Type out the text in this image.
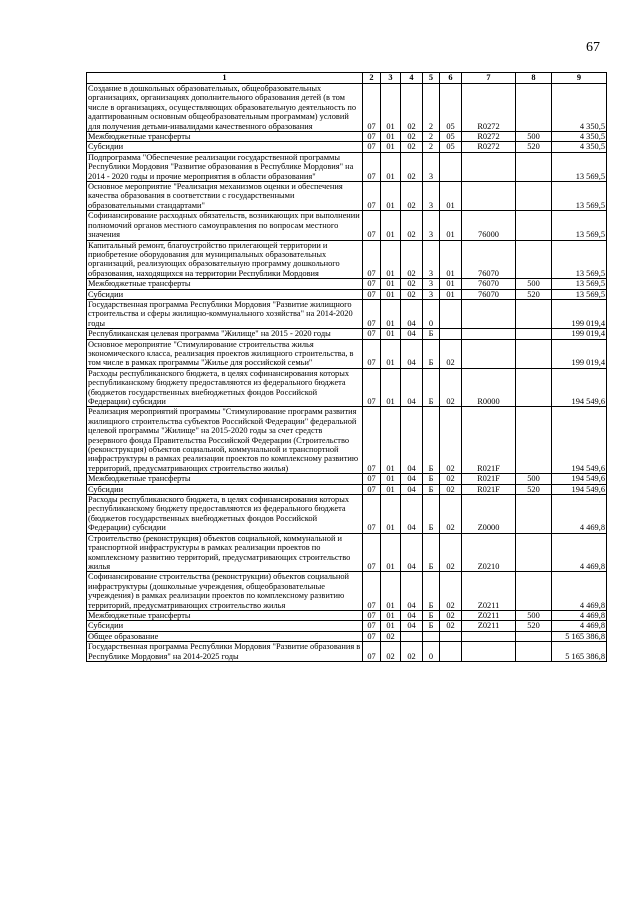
67
1	2	3	4	5	6	7	8	9
Создание в дошкольных образовательных, общеобразовательных организациях, организациях дополнительного образования детей (в том числе в организациях, осуществляющих образовательную деятельность по адаптированным основным общеобразовательным программам) условий для получения детьми-инвалидами качественного образования	07	01	02	2	05	R0272		4 350,5
Межбюджетные трансферты	07	01	02	2	05	R0272	500	4 350,5
Субсидии	07	01	02	2	05	R0272	520	4 350,5
Подпрограмма "Обеспечение реализации государственной программы Республики Мордовия "Развитие образования в Республике Мордовия" на 2014 - 2020 годы и прочие мероприятия в области образования"	07	01	02	3				13 569,5
Основное мероприятие "Реализация механизмов оценки и обеспечения качества образования в соответствии с государственными образовательными стандартами"	07	01	02	3	01			13 569,5
Софинансирование расходных обязательств, возникающих при выполнении полномочий органов местного самоуправления по вопросам местного значения	07	01	02	3	01	76000		13 569,5
Капитальный ремонт, благоустройство прилегающей территории и приобретение оборудования для муниципальных образовательных организаций, реализующих образовательную программу дошкольного образования, находящихся на территории Республики Мордовия	07	01	02	3	01	76070		13 569,5
Межбюджетные трансферты	07	01	02	3	01	76070	500	13 569,5
Субсидии	07	01	02	3	01	76070	520	13 569,5
Государственная программа Республики Мордовия "Развитие жилищного строительства и сферы жилищно-коммунального хозяйства" на 2014-2020 годы	07	01	04	0				199 019,4
Республиканская целевая программа "Жилище" на 2015 - 2020 годы	07	01	04	Б				199 019,4
Основное мероприятие "Стимулирование строительства жилья экономического класса, реализация проектов жилищного строительства, в том числе в рамках программы "Жилье для российской семьи"	07	01	04	Б	02			199 019,4
Расходы республиканского бюджета, в целях софинансирования которых республиканскому бюджету предоставляются из федерального бюджета (бюджетов государственных внебюджетных фондов Российской Федерации) субсидии	07	01	04	Б	02	R0000		194 549,6
Реализация мероприятий программы "Стимулирование программ развития жилищного строительства субъектов Российской Федерации" федеральной целевой программы "Жилище" на 2015-2020 годы за счет средств резервного фонда Правительства Российской Федерации (Строительство (реконструкция) объектов социальной, коммунальной и транспортной инфраструктуры в рамках реализации проектов по комплексному развитию территорий, предусматривающих строительство жилья)	07	01	04	Б	02	R021F		194 549,6
Межбюджетные трансферты	07	01	04	Б	02	R021F	500	194 549,6
Субсидии	07	01	04	Б	02	R021F	520	194 549,6
Расходы республиканского бюджета, в целях софинансирования которых республиканскому бюджету предоставляются из федерального бюджета (бюджетов государственных внебюджетных фондов Российской Федерации) субсидии	07	01	04	Б	02	Z0000		4 469,8
Строительство (реконструкция) объектов социальной, коммунальной и транспортной инфраструктуры в рамках реализации проектов по комплексному развитию территорий, предусматривающих строительство жилья	07	01	04	Б	02	Z0210		4 469,8
Софинансирование строительства (реконструкции) объектов социальной инфраструктуры (дошкольные учреждения, общеобразовательные учреждения) в рамках реализации проектов по комплексному развитию территорий, предусматривающих строительство жилья	07	01	04	Б	02	Z0211		4 469,8
Межбюджетные трансферты	07	01	04	Б	02	Z0211	500	4 469,8
Субсидии	07	01	04	Б	02	Z0211	520	4 469,8
Общее образование	07	02						5 165 386,8
Государственная программа Республики Мордовия "Развитие образования в Республике Мордовия" на 2014-2025 годы	07	02	02	0				5 165 386,8
